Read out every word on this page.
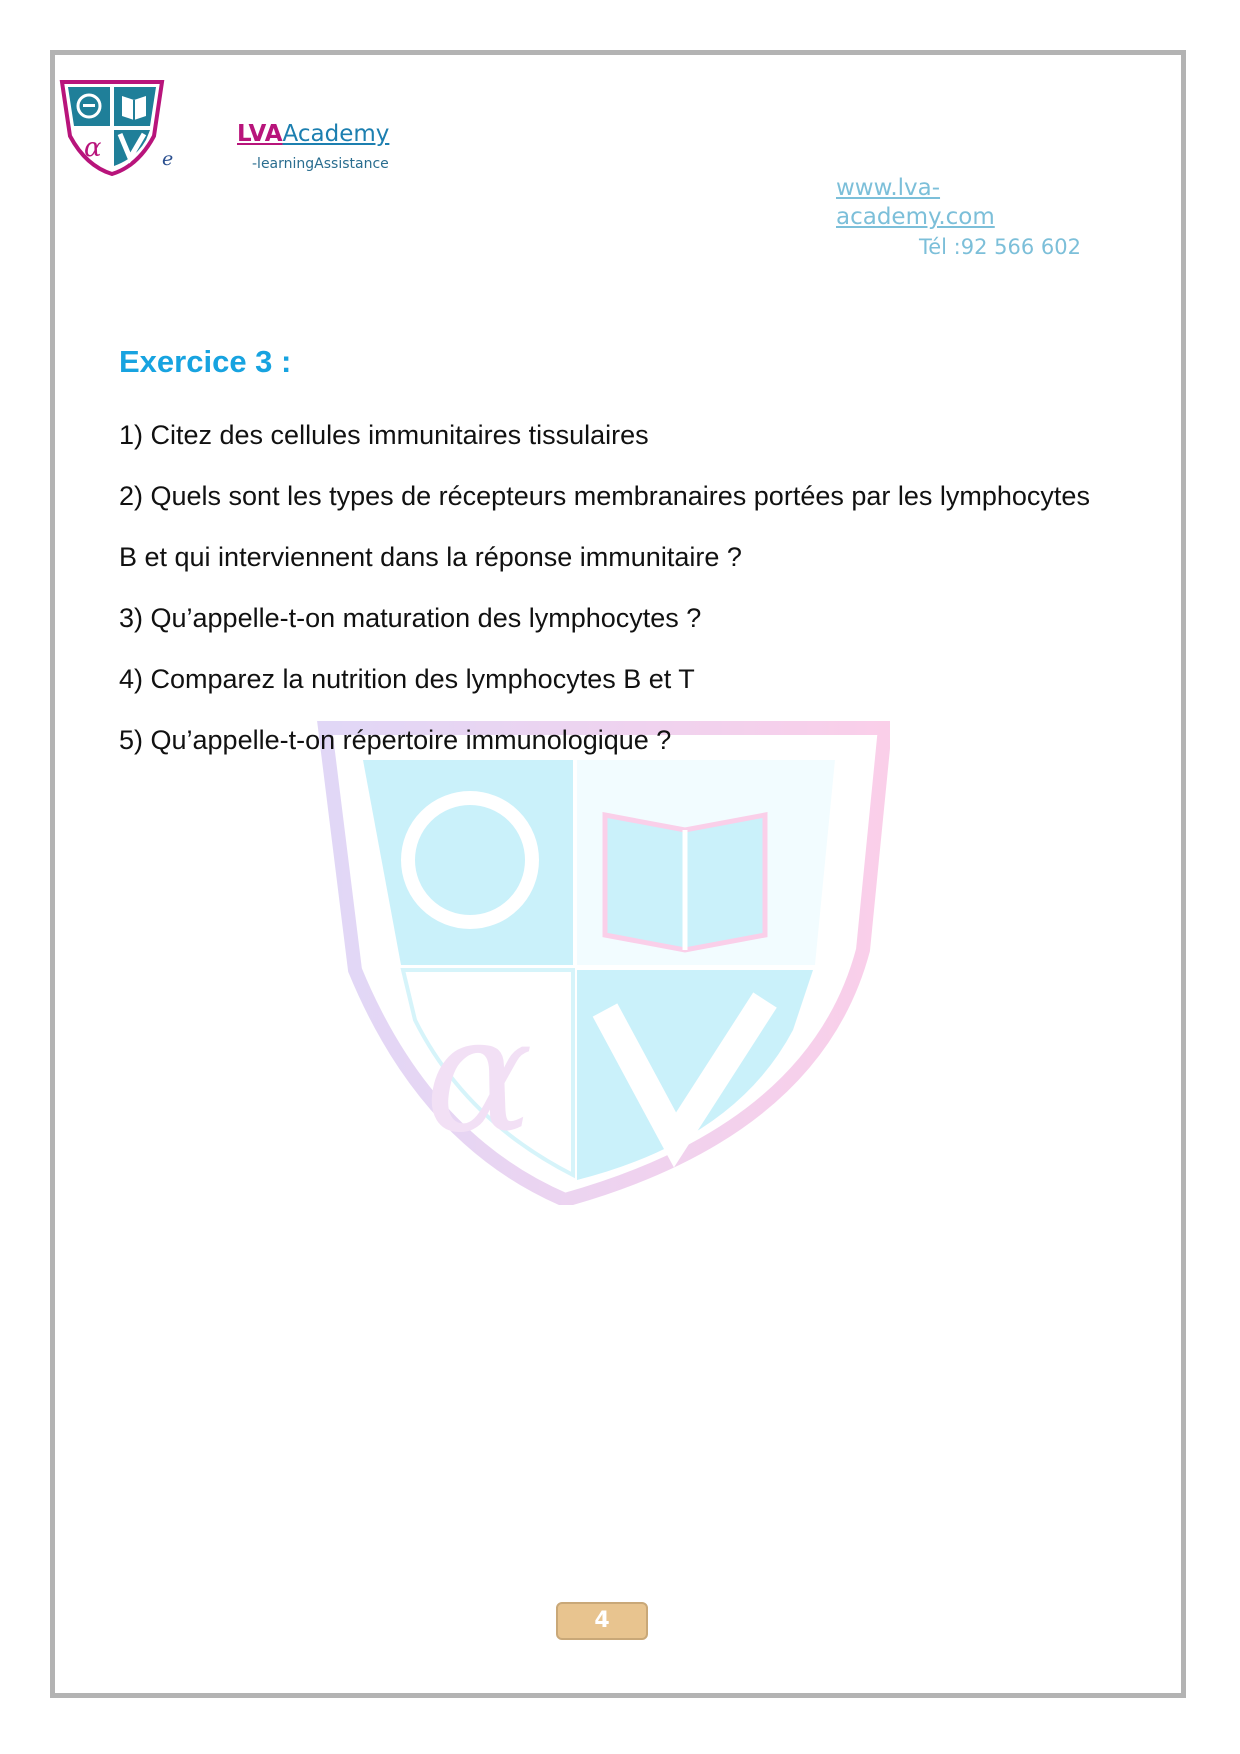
α	e
LVAAcademy
-learningAssistance
www.lva-academy.com
Tél :92 566 602
α
Exercice 3 :
1) Citez des cellules immunitaires tissulaires
2) Quels sont les types de récepteurs membranaires portées par les lymphocytes B et qui interviennent dans la réponse immunitaire ?
3) Qu’appelle-t-on maturation des lymphocytes ?
4) Comparez la nutrition des lymphocytes B et T
5) Qu’appelle-t-on répertoire immunologique ?
4
